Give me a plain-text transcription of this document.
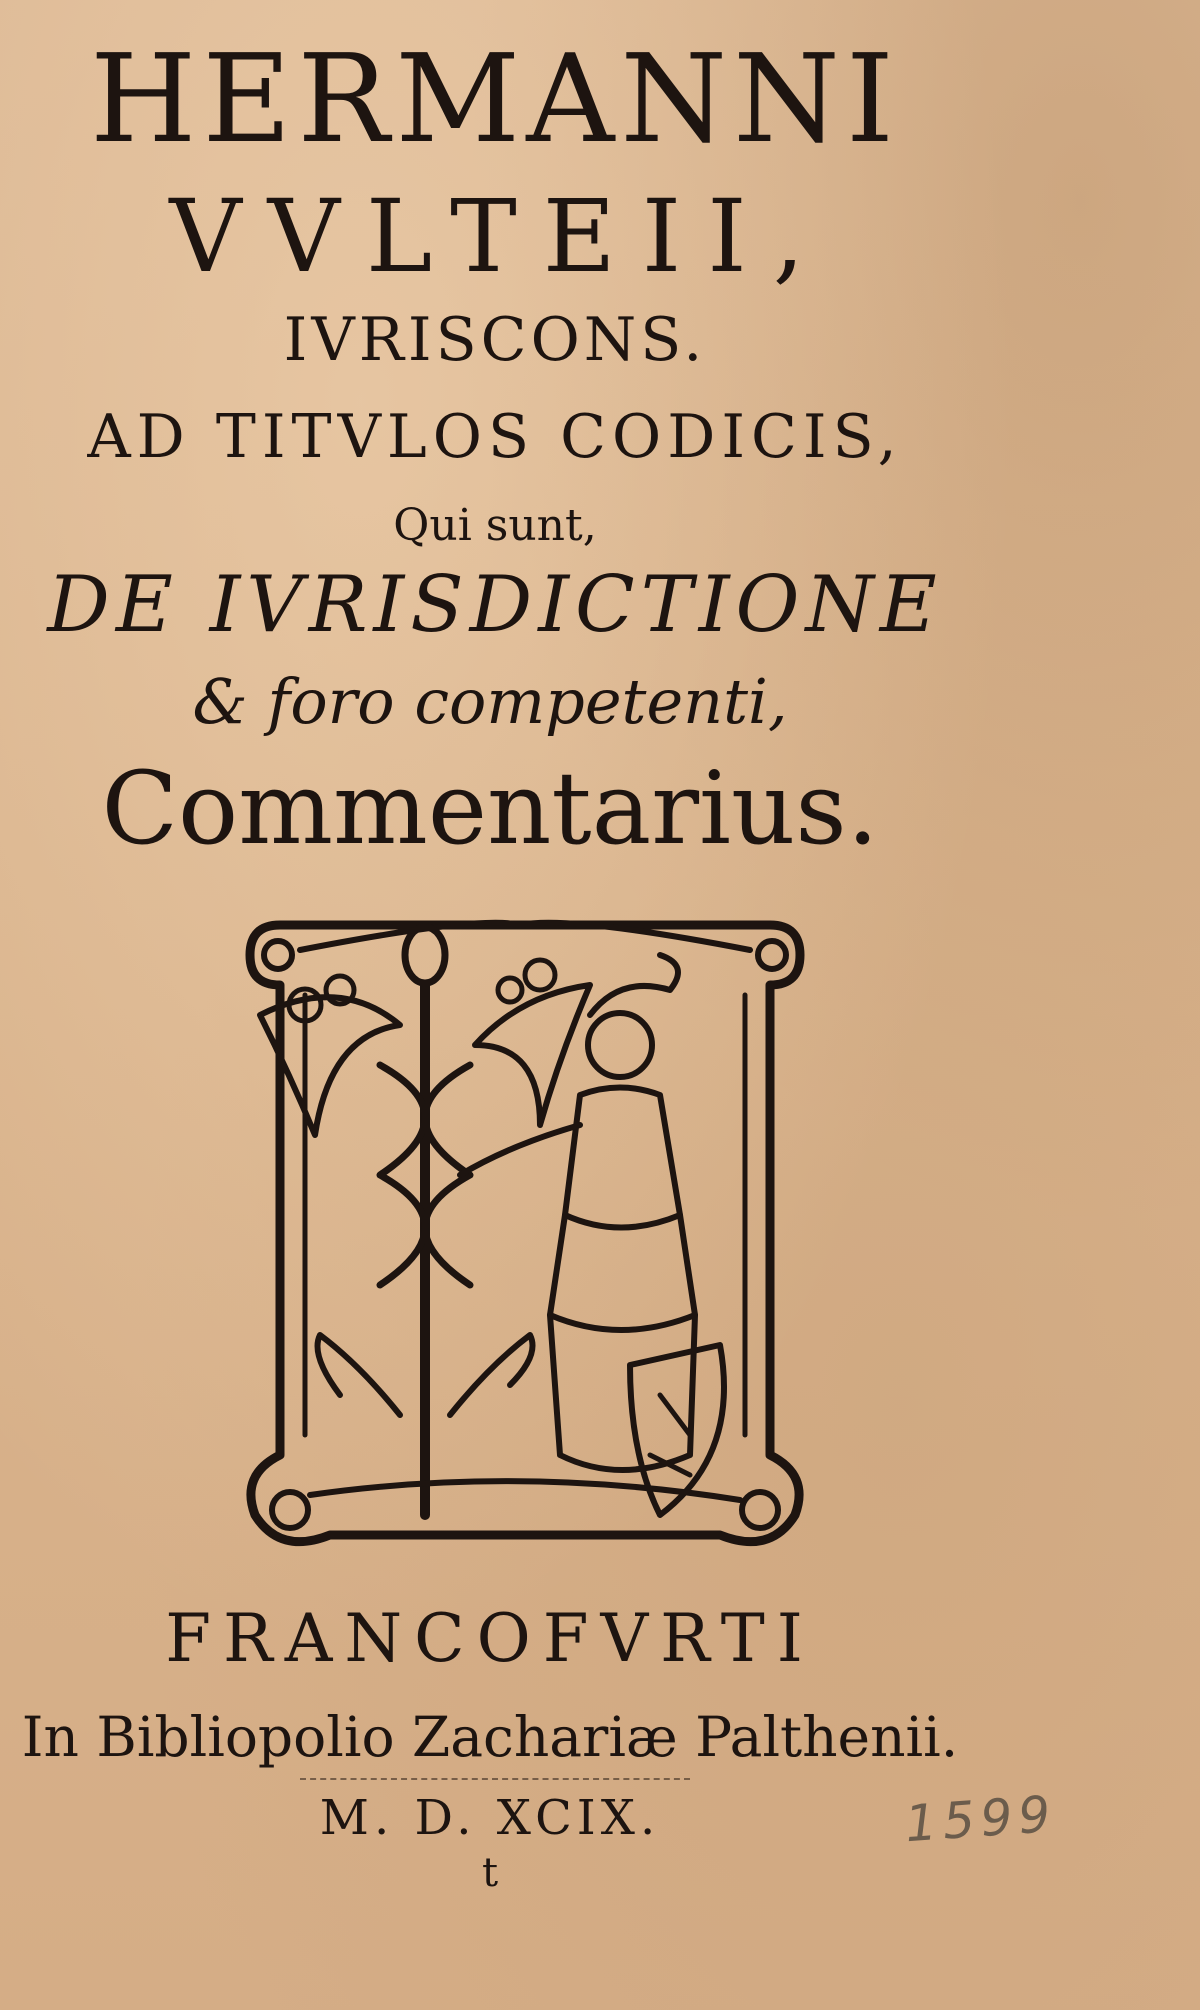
HERMANNI
VVLTEII,
IVRISCONS.
AD TITVLOS CODICIS,
Qui sunt,
DE IVRISDICTIONE
& foro competenti,
Commentarius.
FRANCOFVRTI
In Bibliopolio Zachariæ Palthenii.
M. D. XCIX.
t
1599
